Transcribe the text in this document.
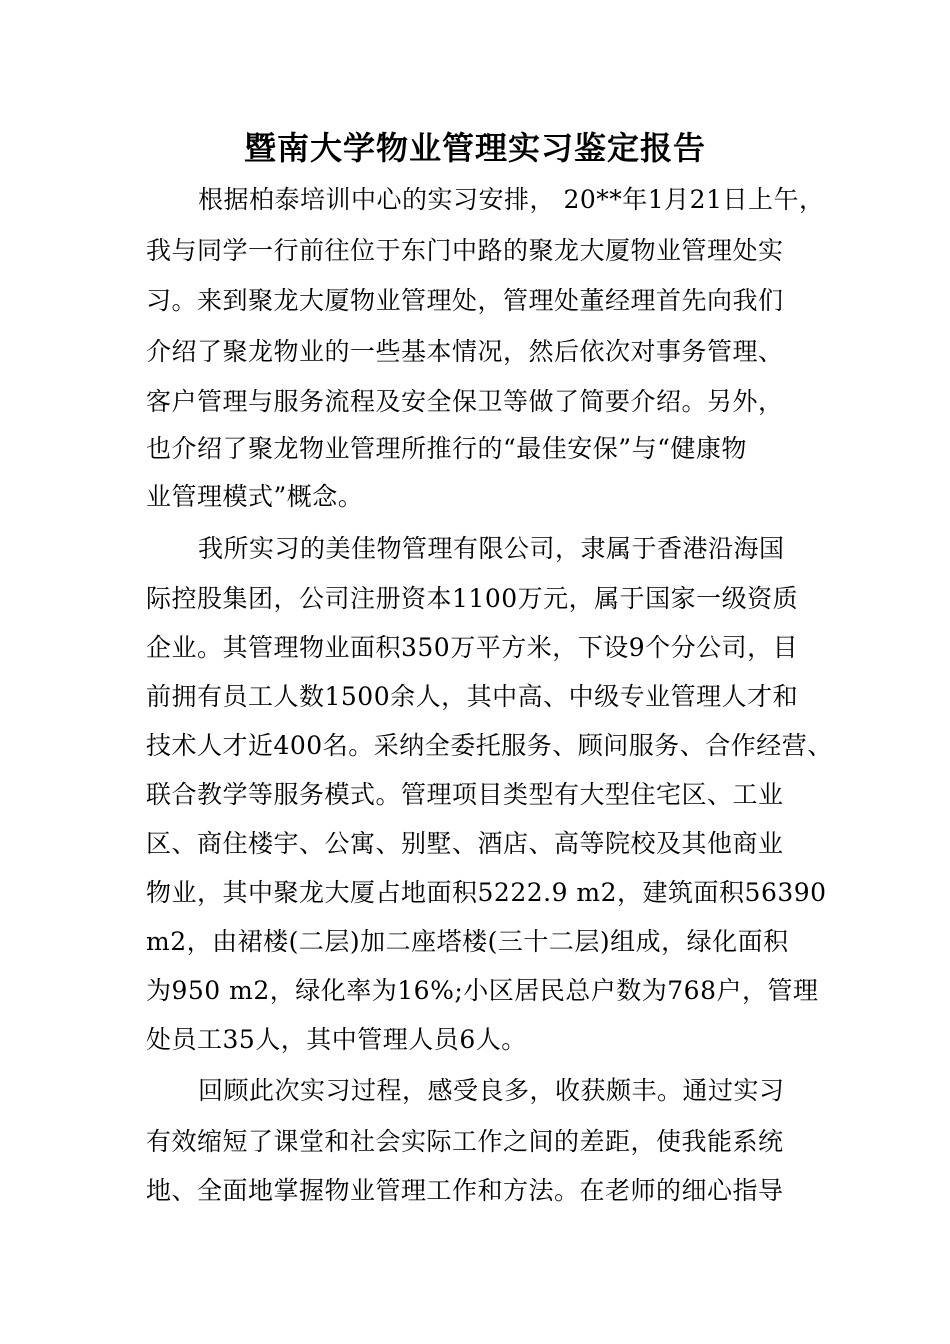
暨南大学物业管理实习鉴定报告
根据柏泰培训中心的实习安排， 20**年1月21日上午，
我与同学一行前往位于东门中路的聚龙大厦物业管理处实
习。来到聚龙大厦物业管理处，管理处董经理首先向我们
介绍了聚龙物业的一些基本情况，然后依次对事务管理、
客户管理与服务流程及安全保卫等做了简要介绍。另外，
也介绍了聚龙物业管理所推行的“最佳安保”与“健康物
业管理模式”概念。
我所实习的美佳物管理有限公司，隶属于香港沿海国
际控股集团，公司注册资本1100万元，属于国家一级资质
企业。其管理物业面积350万平方米，下设9个分公司，目
前拥有员工人数1500余人，其中高、中级专业管理人才和
技术人才近400名。采纳全委托服务、顾问服务、合作经营、
联合教学等服务模式。管理项目类型有大型住宅区、工业
区、商住楼宇、公寓、别墅、酒店、高等院校及其他商业
物业，其中聚龙大厦占地面积5222.9 m2，建筑面积56390
m2，由裙楼(二层)加二座塔楼(三十二层)组成，绿化面积
为950 m2，绿化率为16%;小区居民总户数为768户，管理
处员工35人，其中管理人员6人。
回顾此次实习过程，感受良多，收获颇丰。通过实习
有效缩短了课堂和社会实际工作之间的差距，使我能系统
地、全面地掌握物业管理工作和方法。在老师的细心指导
